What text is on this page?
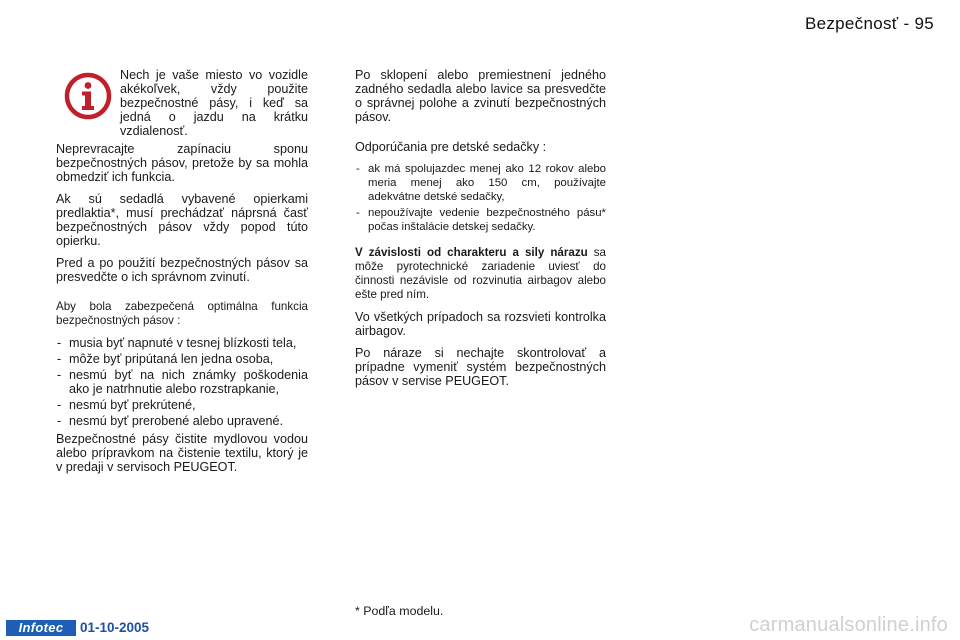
Bezpečnosť - 95

Nech je vaše miesto vo vozidle akékoľvek, vždy použite bezpečnostné pásy, i keď sa jedná o jazdu na krátku vzdialenosť.

Neprevracajte zapínaciu sponu bezpečnostných pásov, pretože by sa mohla obmedziť ich funkcia.

Ak sú sedadlá vybavené opierkami predlaktia*, musí prechádzať náprsná časť bezpečnostných pásov vždy popod túto opierku.

Pred a po použití bezpečnostných pásov sa presvedčte o ich správnom zvinutí.

Aby bola zabezpečená optimálna funkcia bezpečnostných pásov :

- musia byť napnuté v tesnej blízkosti tela,
- môže byť pripútaná len jedna osoba,
- nesmú byť na nich známky poškodenia ako je natrhnutie alebo rozstrapkanie,
- nesmú byť prekrútené,
- nesmú byť prerobené alebo upravené.

Bezpečnostné pásy čistite mydlovou vodou alebo prípravkom na čistenie textilu, ktorý je v predaji v servisoch PEUGEOT.

Po sklopení alebo premiestnení jedného zadného sedadla alebo lavice sa presvedčte o správnej polohe a zvinutí bezpečnostných pásov.

Odporúčania pre detské sedačky :

- ak má spolujazdec menej ako 12 rokov alebo meria menej ako 150 cm, používajte adekvátne detské sedačky,
- nepoužívajte vedenie bezpečnostného pásu* počas inštalácie detskej sedačky.

V závislosti od charakteru a sily nárazu sa môže pyrotechnické zariadenie uviesť do činnosti nezávisle od rozvinutia airbagov alebo ešte pred ním.

Vo všetkých prípadoch sa rozsvieti kontrolka airbagov.

Po náraze si nechajte skontrolovať a prípadne vymeniť systém bezpečnostných pásov v servise PEUGEOT.

* Podľa modelu.
Infotec	01-10-2005	carmanualsonline.info
